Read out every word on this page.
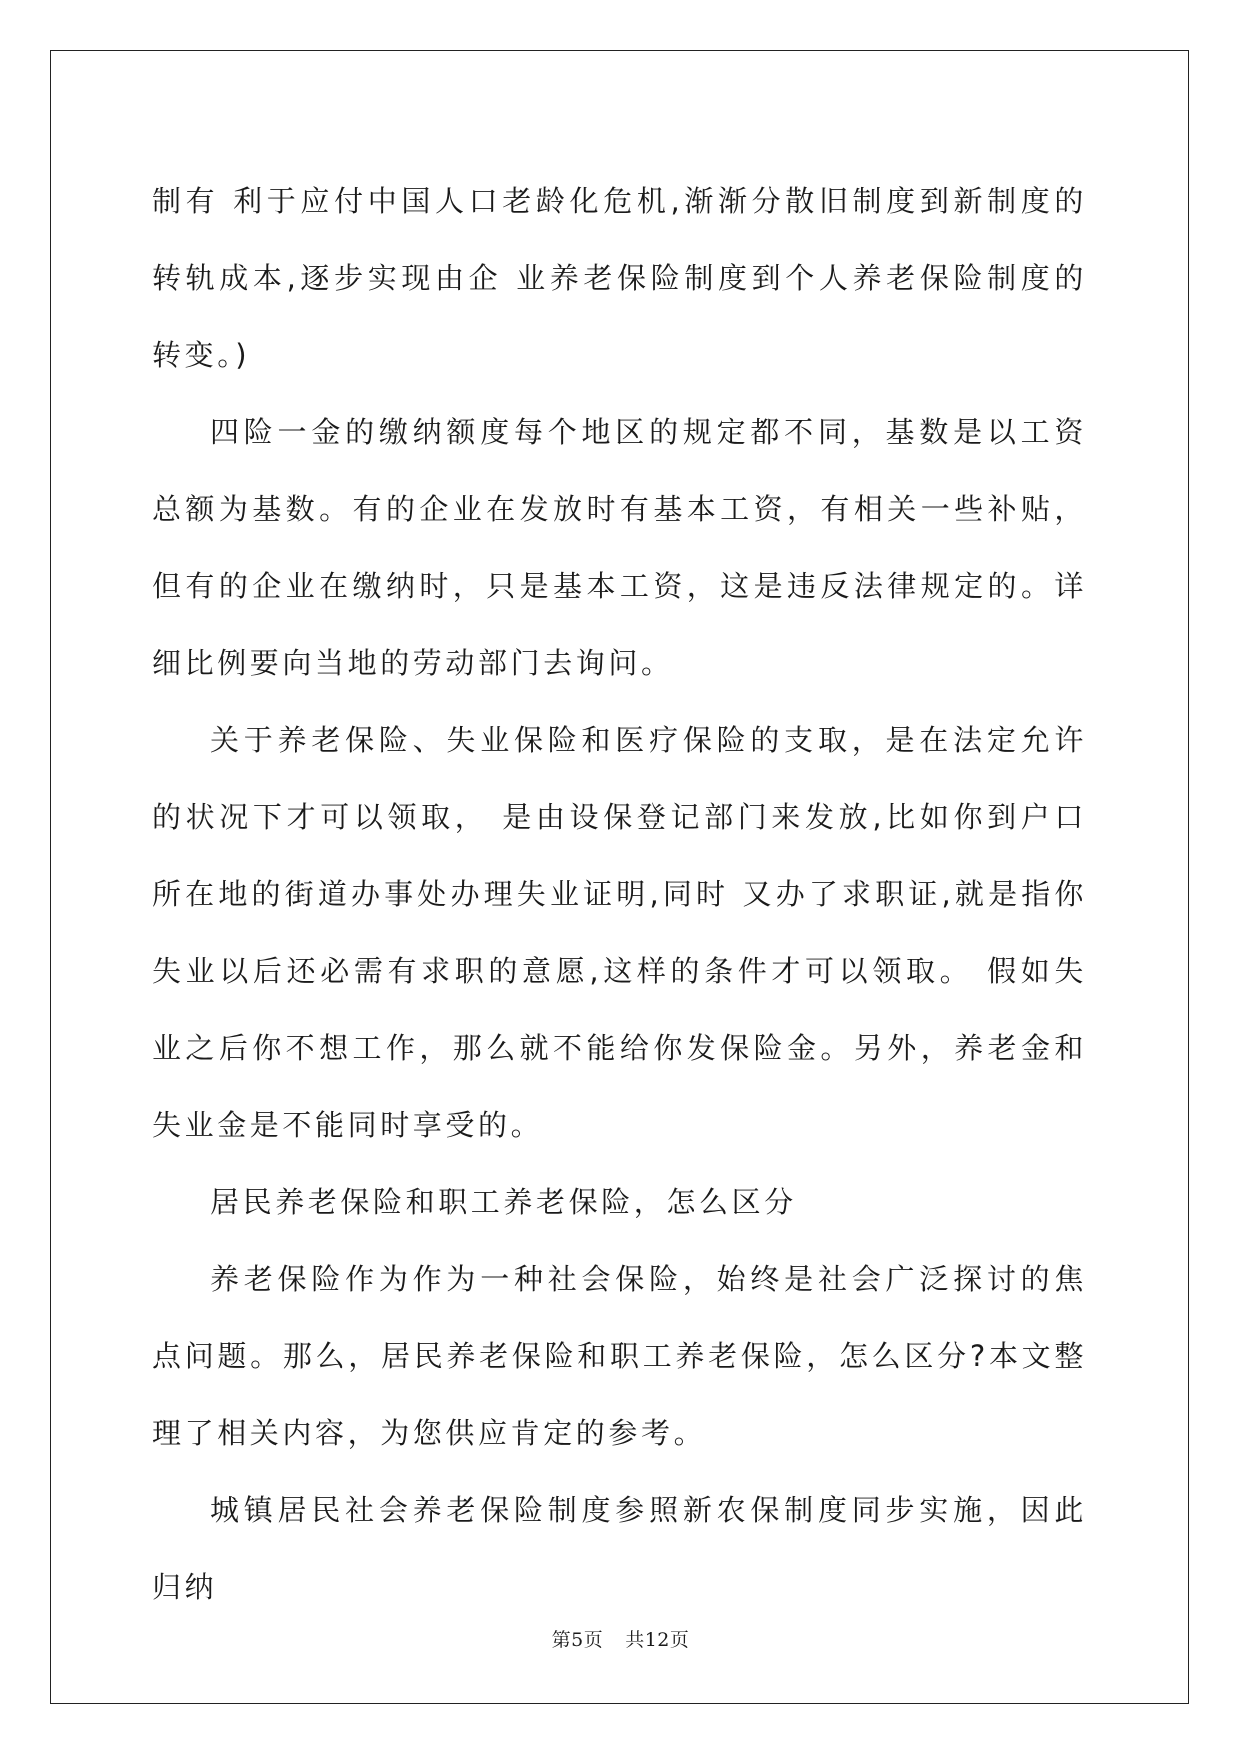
制有 利于应付中国人口老龄化危机,渐渐分散旧制度到新制度的转轨成本,逐步实现由企 业养老保险制度到个人养老保险制度的转变。)

四险一金的缴纳额度每个地区的规定都不同，基数是以工资总额为基数。有的企业在发放时有基本工资，有相关一些补贴，但有的企业在缴纳时，只是基本工资，这是违反法律规定的。详细比例要向当地的劳动部门去询问。

关于养老保险、失业保险和医疗保险的支取，是在法定允许的状况下才可以领取， 是由设保登记部门来发放,比如你到户口所在地的街道办事处办理失业证明,同时 又办了求职证,就是指你失业以后还必需有求职的意愿,这样的条件才可以领取。 假如失业之后你不想工作，那么就不能给你发保险金。另外，养老金和失业金是不能同时享受的。

居民养老保险和职工养老保险，怎么区分

养老保险作为作为一种社会保险，始终是社会广泛探讨的焦点问题。那么，居民养老保险和职工养老保险，怎么区分?本文整理了相关内容，为您供应肯定的参考。

城镇居民社会养老保险制度参照新农保制度同步实施，因此归纳

第5页 共12页
